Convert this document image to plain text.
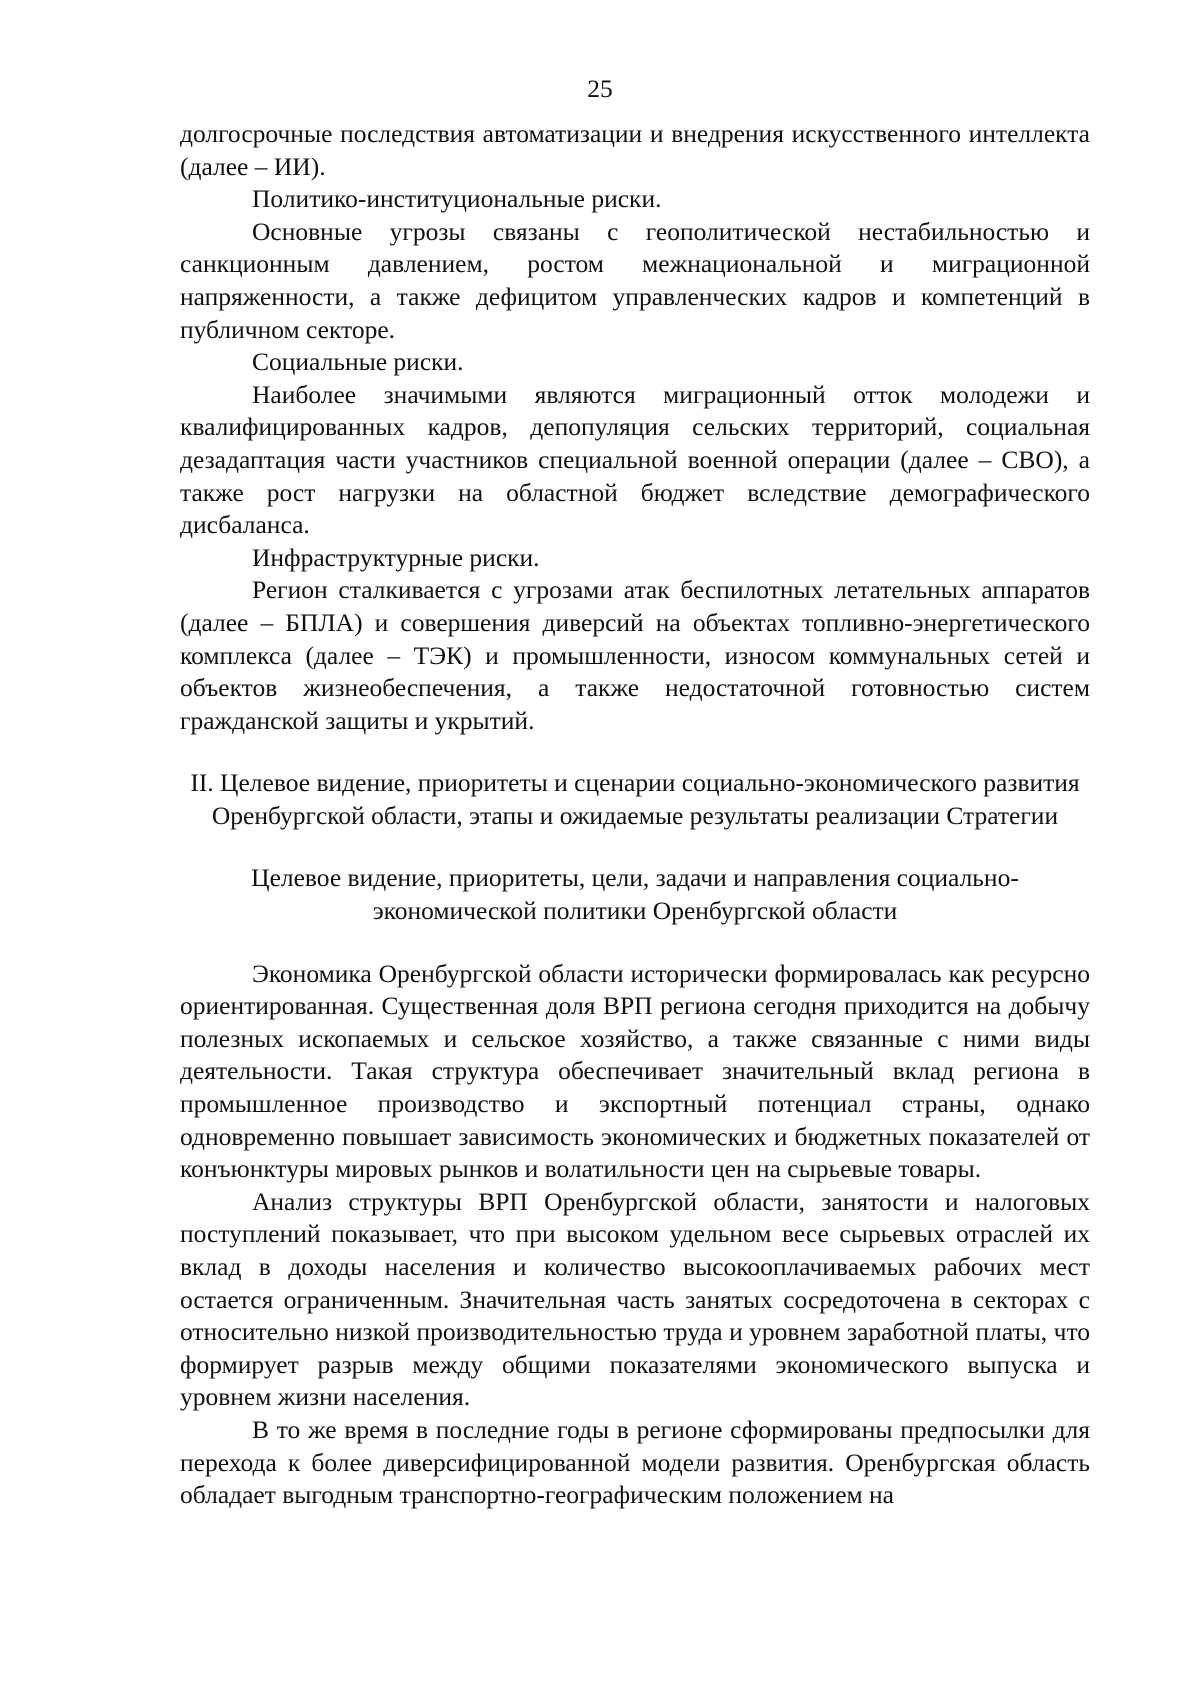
25

долгосрочные последствия автоматизации и внедрения искусственного интеллекта (далее – ИИ).

Политико-институциональные риски.

Основные угрозы связаны с геополитической нестабильностью и санкционным давлением, ростом межнациональной и миграционной напряженности, а также дефицитом управленческих кадров и компетенций в публичном секторе.

Социальные риски.

Наиболее значимыми являются миграционный отток молодежи и квалифицированных кадров, депопуляция сельских территорий, социальная дезадаптация части участников специальной военной операции (далее – СВО), а также рост нагрузки на областной бюджет вследствие демографического дисбаланса.

Инфраструктурные риски.

Регион сталкивается с угрозами атак беспилотных летательных аппаратов (далее – БПЛА) и совершения диверсий на объектах топливно-энергетического комплекса (далее – ТЭК) и промышленности, износом коммунальных сетей и объектов жизнеобеспечения, а также недостаточной готовностью систем гражданской защиты и укрытий.

II. Целевое видение, приоритеты и сценарии социально-экономического развития Оренбургской области, этапы и ожидаемые результаты реализации Стратегии

Целевое видение, приоритеты, цели, задачи и направления социально-экономической политики Оренбургской области

Экономика Оренбургской области исторически формировалась как ресурсно ориентированная. Существенная доля ВРП региона сегодня приходится на добычу полезных ископаемых и сельское хозяйство, а также связанные с ними виды деятельности. Такая структура обеспечивает значительный вклад региона в промышленное производство и экспортный потенциал страны, однако одновременно повышает зависимость экономических и бюджетных показателей от конъюнктуры мировых рынков и волатильности цен на сырьевые товары.

Анализ структуры ВРП Оренбургской области, занятости и налоговых поступлений показывает, что при высоком удельном весе сырьевых отраслей их вклад в доходы населения и количество высокооплачиваемых рабочих мест остается ограниченным. Значительная часть занятых сосредоточена в секторах с относительно низкой производительностью труда и уровнем заработной платы, что формирует разрыв между общими показателями экономического выпуска и уровнем жизни населения.

В то же время в последние годы в регионе сформированы предпосылки для перехода к более диверсифицированной модели развития. Оренбургская область обладает выгодным транспортно-географическим положением на
